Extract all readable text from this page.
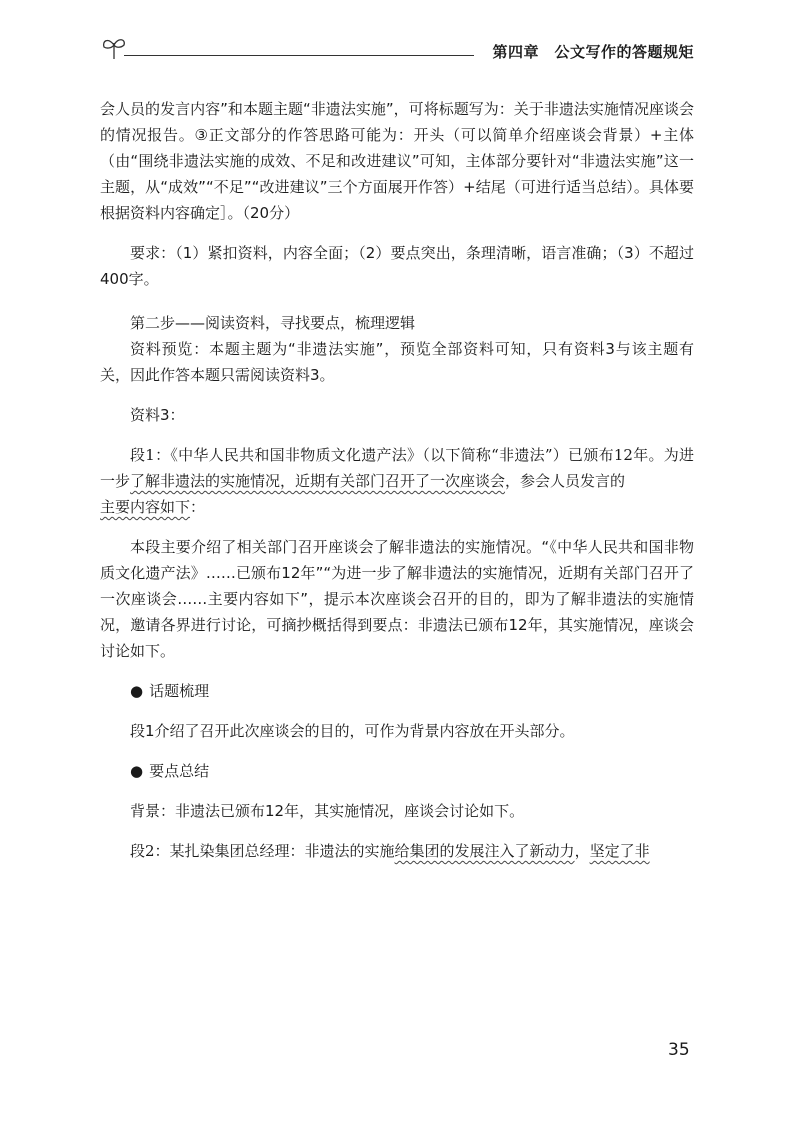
第四章　公文写作的答题规矩

会人员的发言内容”和本题主题“非遗法实施”，可将标题写为：关于非遗法实施情况座谈会的情况报告。③正文部分的作答思路可能为：开头（可以简单介绍座谈会背景）+主体（由“围绕非遗法实施的成效、不足和改进建议”可知，主体部分要针对“非遗法实施”这一主题，从“成效”“不足”“改进建议”三个方面展开作答）+结尾（可进行适当总结）。具体要根据资料内容确定］。（20分）

要求：（1）紧扣资料，内容全面；（2）要点突出，条理清晰，语言准确；（3）不超过400字。

第二步——阅读资料，寻找要点，梳理逻辑

资料预览：本题主题为“非遗法实施”，预览全部资料可知，只有资料3与该主题有关，因此作答本题只需阅读资料3。

资料3：

段1：《中华人民共和国非物质文化遗产法》（以下简称“非遗法”）已颁布12年。为进一步了解非遗法的实施情况，近期有关部门召开了一次座谈会，参会人员发言的
主要内容如下：

本段主要介绍了相关部门召开座谈会了解非遗法的实施情况。“《中华人民共和国非物质文化遗产法》……已颁布12年”“为进一步了解非遗法的实施情况，近期有关部门召开了一次座谈会……主要内容如下”，提示本次座谈会召开的目的，即为了解非遗法的实施情况，邀请各界进行讨论，可摘抄概括得到要点：非遗法已颁布12年，其实施情况，座谈会讨论如下。

● 话题梳理

段1介绍了召开此次座谈会的目的，可作为背景内容放在开头部分。

● 要点总结

背景：非遗法已颁布12年，其实施情况，座谈会讨论如下。

段2：某扎染集团总经理：非遗法的实施给集团的发展注入了新动力，坚定了非

35
